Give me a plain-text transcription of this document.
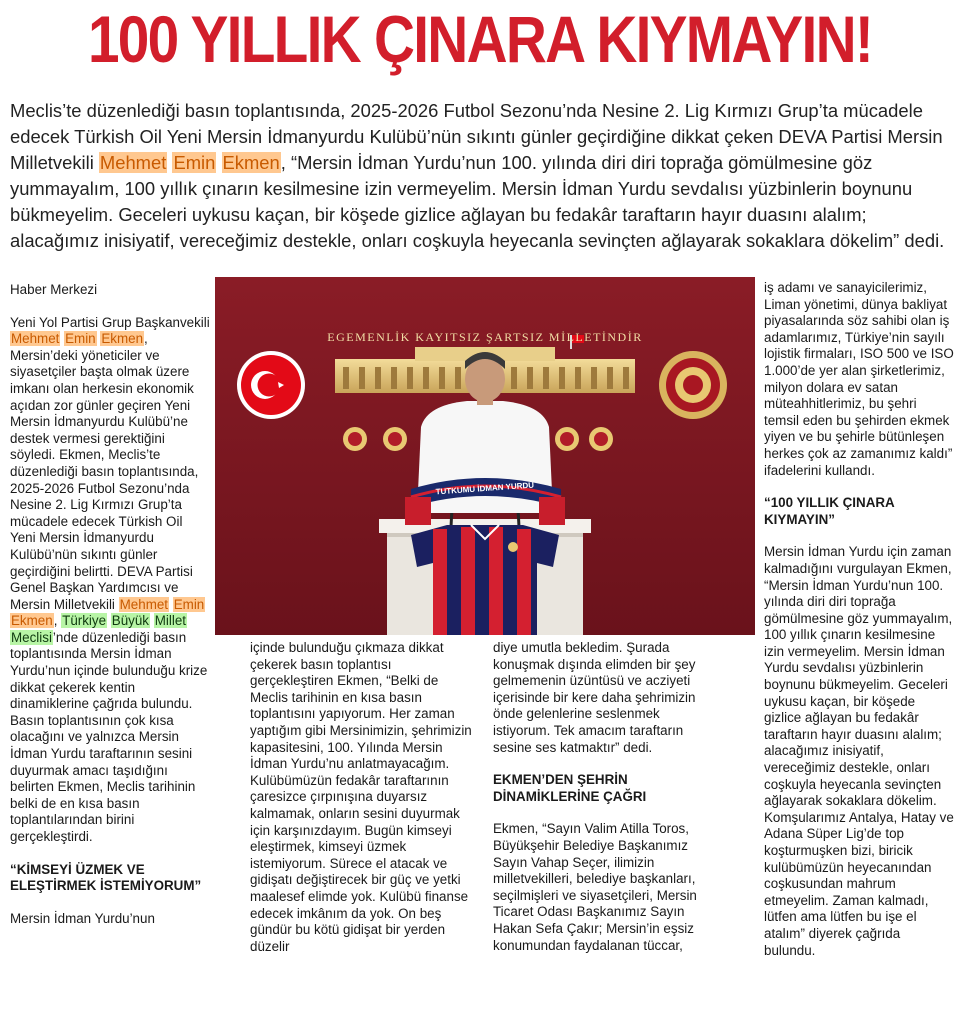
100 YILLIK ÇINARA KIYMAYIN!
Meclis’te düzenlediği basın toplantısında, 2025-2026 Futbol Sezonu’nda Nesine 2. Lig Kırmızı Grup’ta mücadele edecek Türkish Oil Yeni Mersin İdmanyurdu Kulübü’nün sıkıntı günler geçirdiğine dikkat çeken DEVA Partisi Mersin Milletvekili Mehmet Emin Ekmen, “Mersin İdman Yurdu’nun 100. yılında diri diri toprağa gömülmesine göz yummayalım, 100 yıllık çınarın kesilmesine izin vermeyelim. Mersin İdman Yurdu sevdalısı yüzbinlerin boynunu bükmeyelim. Geceleri uykusu kaçan, bir köşede gizlice ağlayan bu fedakâr taraftarın hayır duasını alalım; alacağımız inisiyatif, vereceğimiz destekle, onları coşkuyla heyecanla sevinçten ağlayarak sokaklara dökelim” dedi.

Haber Merkezi

Yeni Yol Partisi Grup Başkanvekili Mehmet Emin Ekmen, Mersin’deki yöneticiler ve siyasetçiler başta olmak üzere imkanı olan herkesin ekonomik açıdan zor günler geçiren Yeni Mersin İdmanyurdu Kulübü’ne destek vermesi gerektiğini söyledi. Ekmen, Meclis’te düzenlediği basın toplantısında, 2025-2026 Futbol Sezonu’nda Nesine 2. Lig Kırmızı Grup’ta mücadele edecek Türkish Oil Yeni Mersin İdmanyurdu Kulübü’nün sıkıntı günler geçirdiğini belirtti. DEVA Partisi Genel Başkan Yardımcısı ve Mersin Milletvekili Mehmet Emin Ekmen, Türkiye Büyük Millet Meclisi’nde düzenlediği basın toplantısında Mersin İdman Yurdu’nun içinde bulunduğu krize dikkat çekerek kentin dinamiklerine çağrıda bulundu. Basın toplantısının çok kısa olacağını ve yalnızca Mersin İdman Yurdu taraftarının sesini duyurmak amacı taşıdığını belirten Ekmen, Meclis tarihinin belki de en kısa basın toplantılarından birini gerçekleştirdi.

“KİMSEYİ ÜZMEK VE ELEŞTİRMEK İSTEMİYORUM”

Mersin İdman Yurdu’nun

EGEMENLİK KAYITSIZ ŞARTSIZ MİLLETİNDİR
TUTKUMU İDMAN YURDU

içinde bulunduğu çıkmaza dikkat çekerek basın toplantısı gerçekleştiren Ekmen, “Belki de Meclis tarihinin en kısa basın toplantısını yapıyorum. Her zaman yaptığım gibi Mersinimizin, şehrimizin kapasitesini, 100. Yılında Mersin İdman Yurdu’nu anlatmayacağım. Kulübümüzün fedakâr taraftarının çaresizce çırpınışına duyarsız kalmamak, onların sesini duyurmak için karşınızdayım. Bugün kimseyi eleştirmek, kimseyi üzmek istemiyorum. Sürece el atacak ve gidişatı değiştirecek bir güç ve yetki maalesef elimde yok. Kulübü finanse edecek imkânım da yok. On beş gündür bu kötü gidişat bir yerden düzelir

diye umutla bekledim. Şurada konuşmak dışında elimden bir şey gelmemenin üzüntüsü ve acziyeti içerisinde bir kere daha şehrimizin önde gelenlerine seslenmek istiyorum. Tek amacım taraftarın sesine ses katmaktır” dedi.

EKMEN’DEN ŞEHRİN DİNAMİKLERİNE ÇAĞRI

Ekmen, “Sayın Valim Atilla Toros, Büyükşehir Belediye Başkanımız Sayın Vahap Seçer, ilimizin milletvekilleri, belediye başkanları, seçilmişleri ve siyasetçileri, Mersin Ticaret Odası Başkanımız Sayın Hakan Sefa Çakır; Mersin’in eşsiz konumundan faydalanan tüccar,

iş adamı ve sanayicilerimiz, Liman yönetimi, dünya bakliyat piyasalarında söz sahibi olan iş adamlarımız, Türkiye’nin sayılı lojistik firmaları, ISO 500 ve ISO 1.000’de yer alan şirketlerimiz, milyon dolara ev satan müteahhitlerimiz, bu şehri temsil eden bu şehirden ekmek yiyen ve bu şehirle bütünleşen herkes çok az zamanımız kaldı” ifadelerini kullandı.

“100 YILLIK ÇINARA KIYMAYIN”

Mersin İdman Yurdu için zaman kalmadığını vurgulayan Ekmen, “Mersin İdman Yurdu’nun 100. yılında diri diri toprağa gömülmesine göz yummayalım, 100 yıllık çınarın kesilmesine izin vermeyelim. Mersin İdman Yurdu sevdalısı yüzbinlerin boynunu bükmeyelim. Geceleri uykusu kaçan, bir köşede gizlice ağlayan bu fedakâr taraftarın hayır duasını alalım; alacağımız inisiyatif, vereceğimiz destekle, onları coşkuyla heyecanla sevinçten ağlayarak sokaklara dökelim. Komşularımız Antalya, Hatay ve Adana Süper Lig’de top koşturmuşken bizi, biricik kulübümüzün heyecanından coşkusundan mahrum etmeyelim. Zaman kalmadı, lütfen ama lütfen bu işe el atalım” diyerek çağrıda bulundu.
